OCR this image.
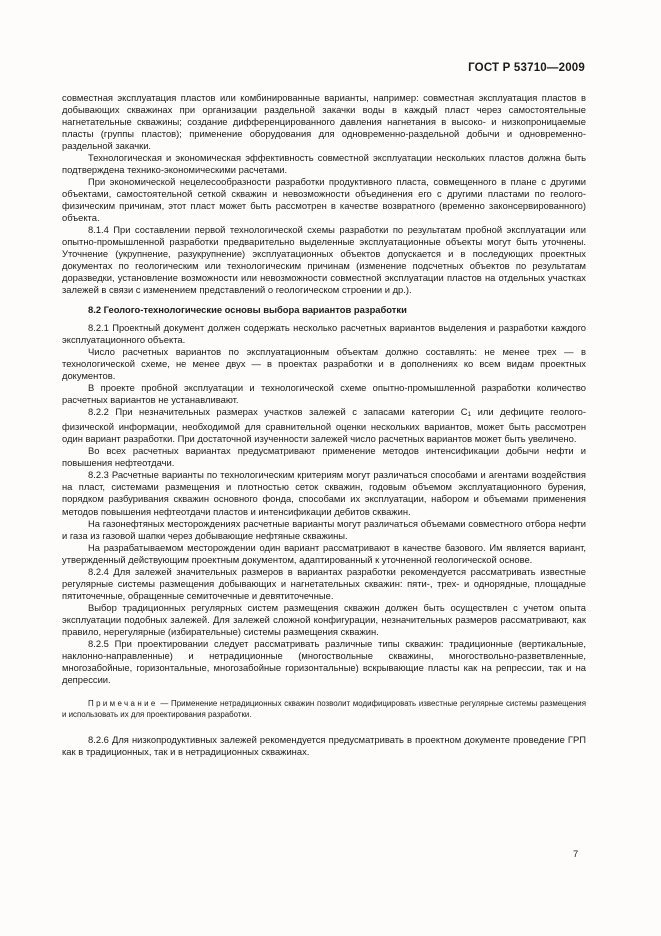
ГОСТ Р 53710—2009

совместная эксплуатация пластов или комбинированные варианты, например: совместная эксплуатация пластов в добывающих скважинах при организации раздельной закачки воды в каждый пласт через самостоятельные нагнетательные скважины; создание дифференцированного давления нагнетания в высоко- и низкопроницаемые пласты (группы пластов); применение оборудования для одновременно-раздельной добычи и одновременно-раздельной закачки.

Технологическая и экономическая эффективность совместной эксплуатации нескольких пластов должна быть подтверждена технико-экономическими расчетами.

При экономической нецелесообразности разработки продуктивного пласта, совмещенного в плане с другими объектами, самостоятельной сеткой скважин и невозможности объединения его с другими пластами по геолого-физическим причинам, этот пласт может быть рассмотрен в качестве возвратного (временно законсервированного) объекта.

8.1.4 При составлении первой технологической схемы разработки по результатам пробной эксплуатации или опытно-промышленной разработки предварительно выделенные эксплуатационные объекты могут быть уточнены. Уточнение (укрупнение, разукрупнение) эксплуатационных объектов допускается и в последующих проектных документах по геологическим или технологическим причинам (изменение подсчетных объектов по результатам доразведки, установление возможности или невозможности совместной эксплуатации пластов на отдельных участках залежей в связи с изменением представлений о геологическом строении и др.).

8.2 Геолого-технологические основы выбора вариантов разработки

8.2.1 Проектный документ должен содержать несколько расчетных вариантов выделения и разработки каждого эксплуатационного объекта.

Число расчетных вариантов по эксплуатационным объектам должно составлять: не менее трех — в технологической схеме, не менее двух — в проектах разработки и в дополнениях ко всем видам проектных документов.

В проекте пробной эксплуатации и технологической схеме опытно-промышленной разработки количество расчетных вариантов не устанавливают.

8.2.2 При незначительных размерах участков залежей с запасами категории $C_1$ или дефиците геолого-физической информации, необходимой для сравнительной оценки нескольких вариантов, может быть рассмотрен один вариант разработки. При достаточной изученности залежей число расчетных вариантов может быть увеличено.

Во всех расчетных вариантах предусматривают применение методов интенсификации добычи нефти и повышения нефтеотдачи.

8.2.3 Расчетные варианты по технологическим критериям могут различаться способами и агентами воздействия на пласт, системами размещения и плотностью сеток скважин, годовым объемом эксплуатационного бурения, порядком разбуривания скважин основного фонда, способами их эксплуатации, набором и объемами применения методов повышения нефтеотдачи пластов и интенсификации дебитов скважин.

На газонефтяных месторождениях расчетные варианты могут различаться объемами совместного отбора нефти и газа из газовой шапки через добывающие нефтяные скважины.

На разрабатываемом месторождении один вариант рассматривают в качестве базового. Им является вариант, утвержденный действующим проектным документом, адаптированный к уточненной геологической основе.

8.2.4 Для залежей значительных размеров в вариантах разработки рекомендуется рассматривать известные регулярные системы размещения добывающих и нагнетательных скважин: пяти-, трех- и однорядные, площадные пятиточечные, обращенные семиточечные и девятиточечные.

Выбор традиционных регулярных систем размещения скважин должен быть осуществлен с учетом опыта эксплуатации подобных залежей. Для залежей сложной конфигурации, незначительных размеров рассматривают, как правило, нерегулярные (избирательные) системы размещения скважин.

8.2.5 При проектировании следует рассматривать различные типы скважин: традиционные (вертикальные, наклонно-направленные) и нетрадиционные (многоствольные скважины, многоствольно-разветвленные, многозабойные, горизонтальные, многозабойные горизонтальные) вскрывающие пласты как на репрессии, так и на депрессии.

Примечание — Применение нетрадиционных скважин позволит модифицировать известные регулярные системы размещения и использовать их для проектирования разработки.

8.2.6 Для низкопродуктивных залежей рекомендуется предусматривать в проектном документе проведение ГРП как в традиционных, так и в нетрадиционных скважинах.

7
